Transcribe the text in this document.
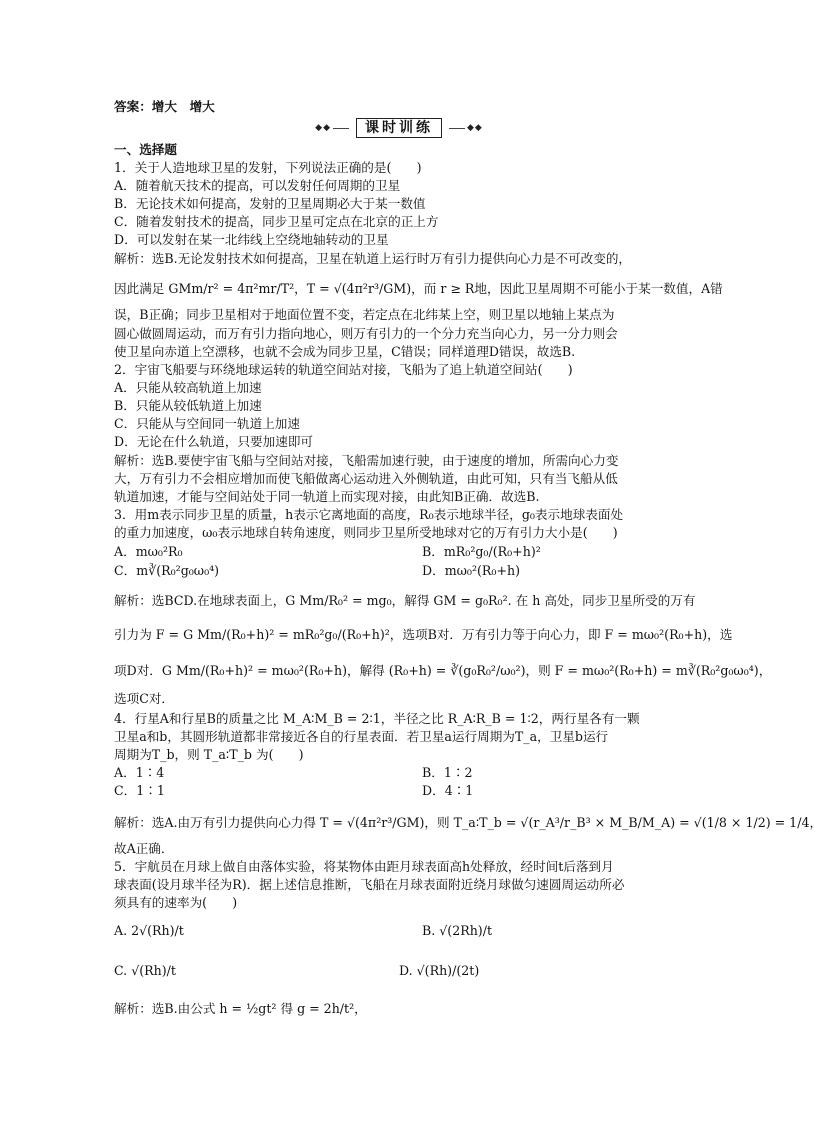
答案：增大　增大
◆◆	课时训练	◆◆
一、选择题
1．关于人造地球卫星的发射，下列说法正确的是(　　)
A．随着航天技术的提高，可以发射任何周期的卫星
B．无论技术如何提高，发射的卫星周期必大于某一数值
C．随着发射技术的提高，同步卫星可定点在北京的正上方
D．可以发射在某一北纬线上空绕地轴转动的卫星
解析：选B.无论发射技术如何提高，卫星在轨道上运行时万有引力提供向心力是不可改变的，
因此满足 GMm/r² = 4π²mr/T²，T = √(4π²r³/GM)，而 r ≥ R地，因此卫星周期不可能小于某一数值，A错
误，B正确；同步卫星相对于地面位置不变，若定点在北纬某上空，则卫星以地轴上某点为
圆心做圆周运动，而万有引力指向地心，则万有引力的一个分力充当向心力，另一分力则会
使卫星向赤道上空漂移，也就不会成为同步卫星，C错误；同样道理D错误，故选B.
2．宇宙飞船要与环绕地球运转的轨道空间站对接，飞船为了追上轨道空间站(　　)
A．只能从较高轨道上加速
B．只能从较低轨道上加速
C．只能从与空间同一轨道上加速
D．无论在什么轨道，只要加速即可
解析：选B.要使宇宙飞船与空间站对接，飞船需加速行驶，由于速度的增加，所需向心力变
大，万有引力不会相应增加而使飞船做离心运动进入外侧轨道，由此可知，只有当飞船从低
轨道加速，才能与空间站处于同一轨道上而实现对接，由此知B正确．故选B.
3．用m表示同步卫星的质量，h表示它离地面的高度，R₀表示地球半径，g₀表示地球表面处
的重力加速度，ω₀表示地球自转角速度，则同步卫星所受地球对它的万有引力大小是(　　)
A．mω₀²R₀	B．mR₀²g₀/(R₀+h)²
C．m∛(R₀²g₀ω₀⁴)	D．mω₀²(R₀+h)
解析：选BCD.在地球表面上，G Mm/R₀² = mg₀，解得 GM = g₀R₀². 在 h 高处，同步卫星所受的万有
引力为 F = G Mm/(R₀+h)² = mR₀²g₀/(R₀+h)²，选项B对．万有引力等于向心力，即 F = mω₀²(R₀+h)，选
项D对．G Mm/(R₀+h)² = mω₀²(R₀+h)，解得 (R₀+h) = ∛(g₀R₀²/ω₀²)，则 F = mω₀²(R₀+h) = m∛(R₀²g₀ω₀⁴)，
选项C对．
4．行星A和行星B的质量之比 M_A∶M_B = 2∶1，半径之比 R_A∶R_B = 1∶2，两行星各有一颗
卫星a和b，其圆形轨道都非常接近各自的行星表面．若卫星a运行周期为T_a，卫星b运行
周期为T_b，则 T_a∶T_b 为(　　)
A．1∶4	B．1∶2
C．1∶1	D．4∶1
解析：选A.由万有引力提供向心力得 T = √(4π²r³/GM)，则 T_a∶T_b = √(r_A³/r_B³ × M_B/M_A) = √(1/8 × 1/2) = 1/4，
故A正确．
5．宇航员在月球上做自由落体实验，将某物体由距月球表面高h处释放，经时间t后落到月
球表面(设月球半径为R)．据上述信息推断，飞船在月球表面附近绕月球做匀速圆周运动所必
须具有的速率为(　　)
A. 2√(Rh)/t	B. √(2Rh)/t
C. √(Rh)/t	D. √(Rh)/(2t)
解析：选B.由公式 h = ½gt² 得 g = 2h/t²，
